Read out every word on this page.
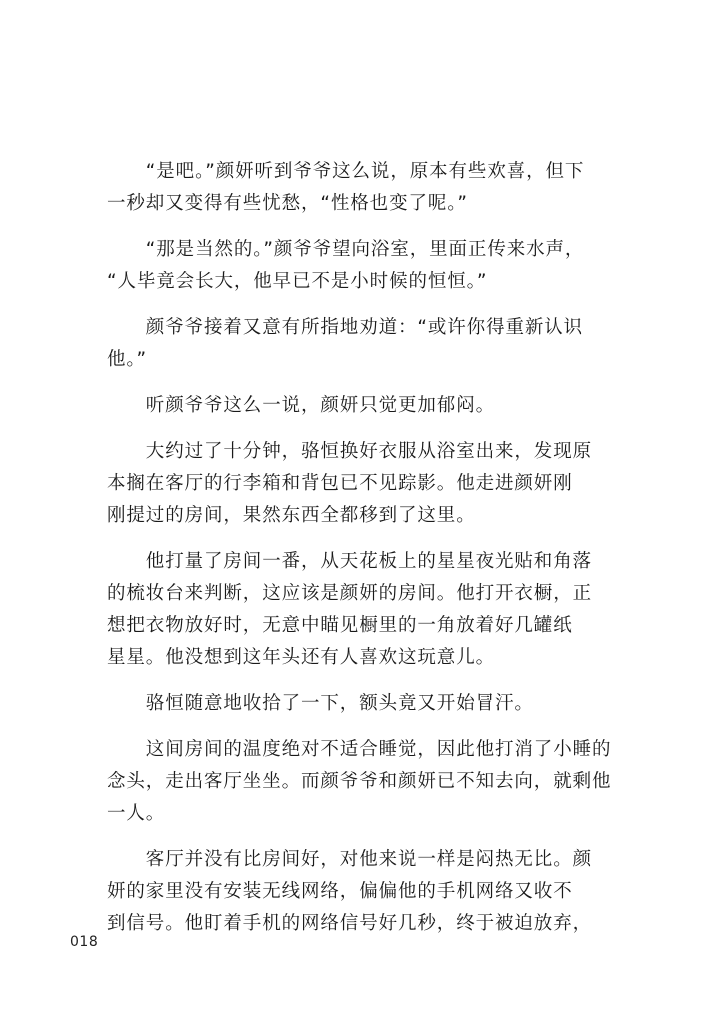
　　“是吧。”颜妍听到爷爷这么说，原本有些欢喜，但下
一秒却又变得有些忧愁，“性格也变了呢。”

　　“那是当然的。”颜爷爷望向浴室，里面正传来水声，
“人毕竟会长大，他早已不是小时候的恒恒。”

　　颜爷爷接着又意有所指地劝道：“或许你得重新认识
他。”

　　听颜爷爷这么一说，颜妍只觉更加郁闷。

　　大约过了十分钟，骆恒换好衣服从浴室出来，发现原
本搁在客厅的行李箱和背包已不见踪影。他走进颜妍刚
刚提过的房间，果然东西全都移到了这里。

　　他打量了房间一番，从天花板上的星星夜光贴和角落
的梳妆台来判断，这应该是颜妍的房间。他打开衣橱，正
想把衣物放好时，无意中瞄见橱里的一角放着好几罐纸
星星。他没想到这年头还有人喜欢这玩意儿。

　　骆恒随意地收拾了一下，额头竟又开始冒汗。

　　这间房间的温度绝对不适合睡觉，因此他打消了小睡的
念头，走出客厅坐坐。而颜爷爷和颜妍已不知去向，就剩他
一人。

　　客厅并没有比房间好，对他来说一样是闷热无比。颜
妍的家里没有安装无线网络，偏偏他的手机网络又收不
到信号。他盯着手机的网络信号好几秒，终于被迫放弃，

018
